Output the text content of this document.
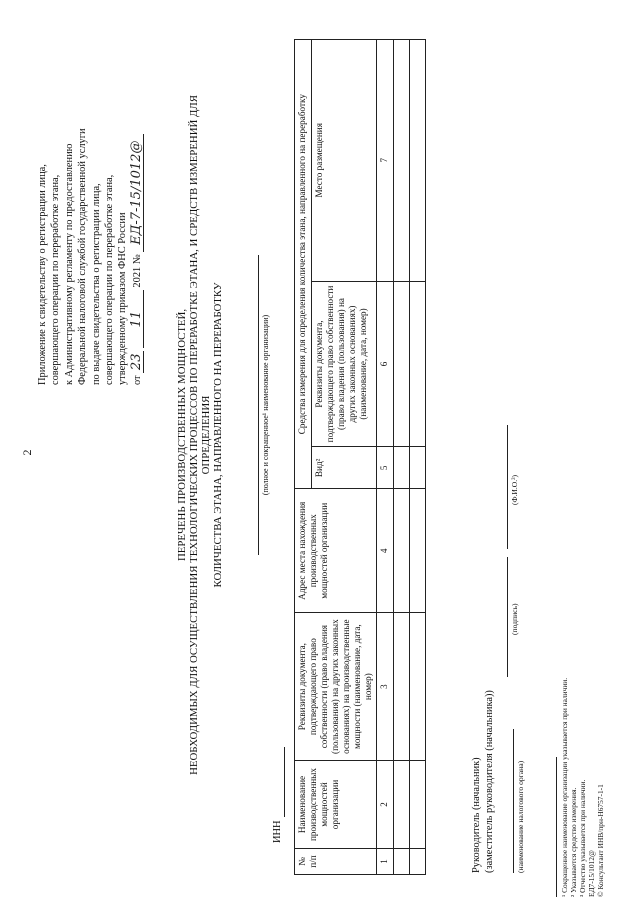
2
Приложение к свидетельству о регистрации лица, совершающего операции по переработке этана, к Административному регламенту по предоставлению Федеральной налоговой службой государственной услуги по выдаче свидетельства о регистрации лица, совершающего операции по переработке этана, утвержденному приказом ФНС России от 23 11 2021 № ЕД-7-15/1012@
ПЕРЕЧЕНЬ ПРОИЗВОДСТВЕННЫХ МОЩНОСТЕЙ, НЕОБХОДИМЫХ ДЛЯ ОСУЩЕСТВЛЕНИЯ ТЕХНОЛОГИЧЕСКИХ ПРОЦЕССОВ ПО ПЕРЕРАБОТКЕ ЭТАНА, И СРЕДСТВ ИЗМЕРЕНИЙ ДЛЯ ОПРЕДЕЛЕНИЯ КОЛИЧЕСТВА ЭТАНА, НАПРАВЛЕННОГО НА ПЕРЕРАБОТКУ	(полное и сокращенное¹ наименование организации)
ИНН
№ п/п	Наименование производственных мощностей организации	Реквизиты документа, подтверждающего право собственности (право владения (пользования) на других законных основаниях) на производственные мощности (наименование, дата, номер)	Адрес места нахождения производственных мощностей организации	Средства измерения для определения количества этана, направленного на переработку		
				Вид²	Реквизиты документа, подтверждающего право собственности (право владения (пользования) на других законных основаниях) (наименование, дата, номер)	Место размещения
1	2	3	4	5	6	7

Руководитель (начальник) (заместитель руководителя (начальника))	(наименование налогового органа)
(подпись)
(Ф.И.О.³)
¹ Сокращенное наименование организации указывается при наличии. ² Указывается средство измерения. ³ Отчество указывается при наличии. ЕД7-15/1012@ © Консультант ИНВ/прн-Н6757-1-1
